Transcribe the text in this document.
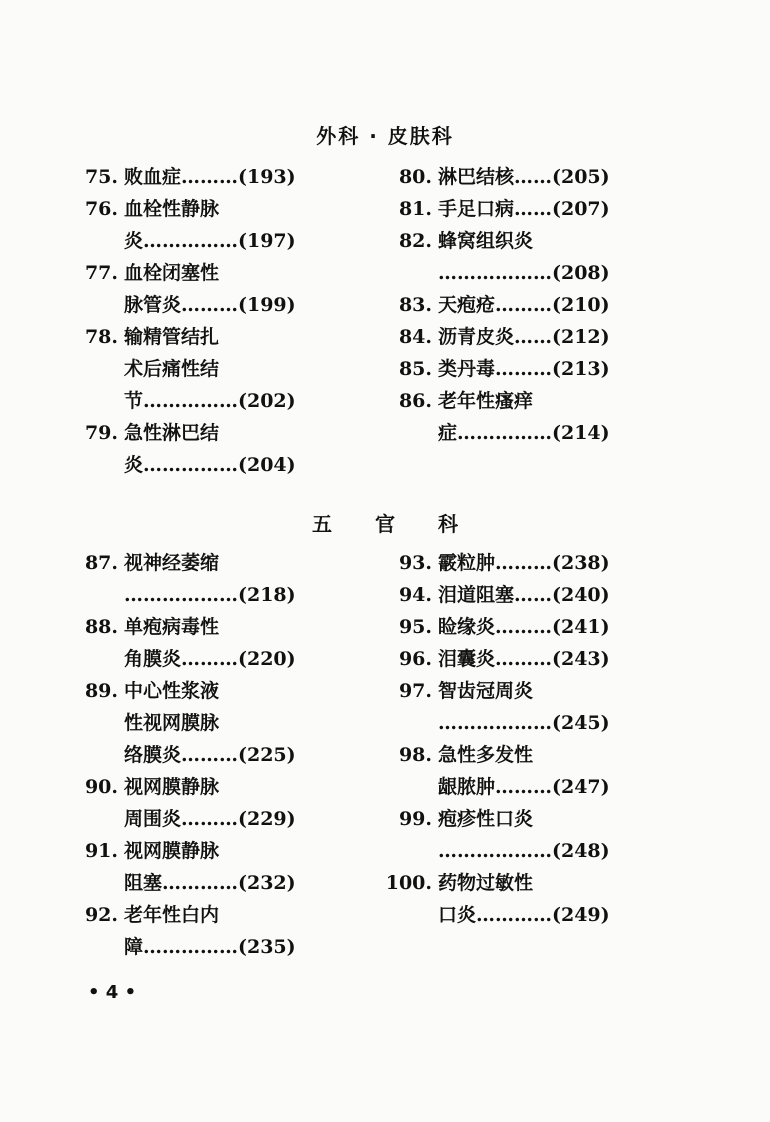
外科 · 皮肤科
五 官 科
75. 败血症………(193)
76. 血栓性静脉
炎……………(197)
77. 血栓闭塞性
脉管炎………(199)
78. 输精管结扎
术后痛性结
节……………(202)
79. 急性淋巴结
炎……………(204)
80. 淋巴结核……(205)
81. 手足口病……(207)
82. 蜂窝组织炎
………………(208)
83. 天疱疮………(210)
84. 沥青皮炎……(212)
85. 类丹毒………(213)
86. 老年性瘙痒
症……………(214)
87. 视神经萎缩
………………(218)
88. 单疱病毒性
角膜炎………(220)
89. 中心性浆液
性视网膜脉
络膜炎………(225)
90. 视网膜静脉
周围炎………(229)
91. 视网膜静脉
阻塞…………(232)
92. 老年性白内
障……………(235)
93. 霰粒肿………(238)
94. 泪道阻塞……(240)
95. 睑缘炎………(241)
96. 泪囊炎………(243)
97. 智齿冠周炎
………………(245)
98. 急性多发性
龈脓肿………(247)
99. 疱疹性口炎
………………(248)
100. 药物过敏性
口炎…………(249)
• 4 •
